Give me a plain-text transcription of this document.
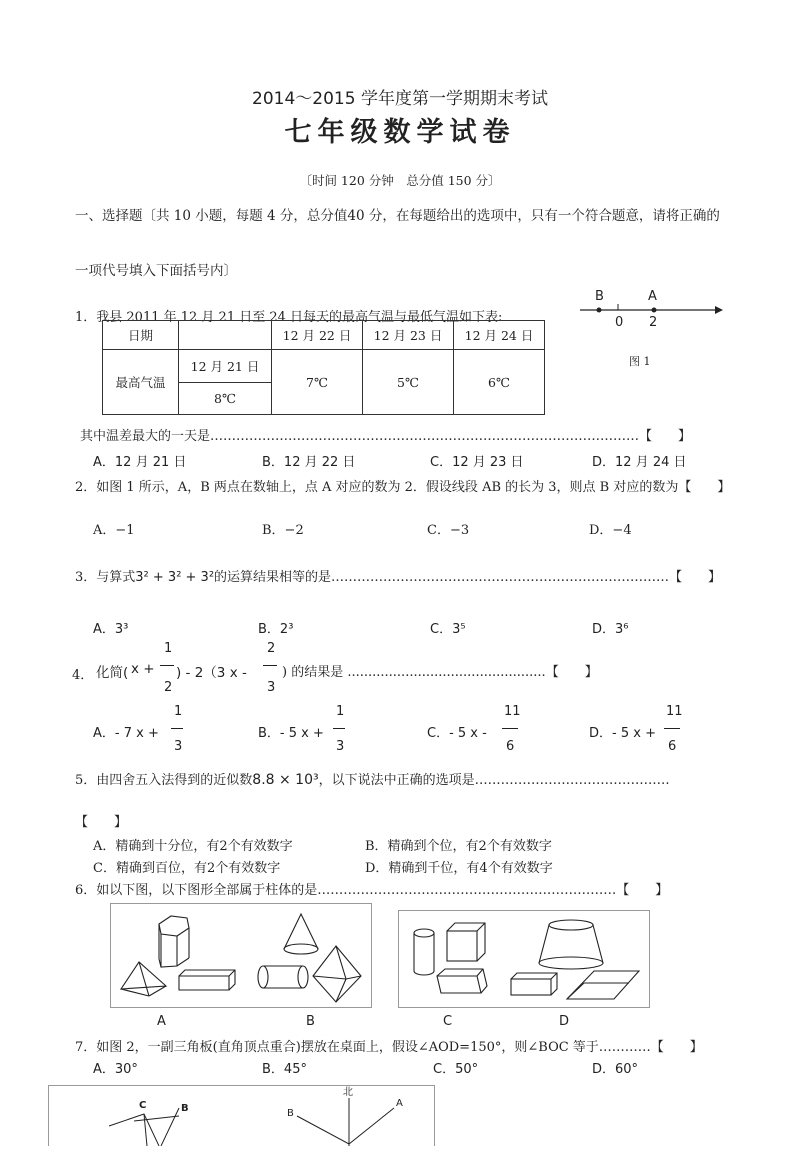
2014～2015 学年度第一学期期末考试
七年级数学试卷
〔时间 120 分钟　总分值 150 分〕
一、选择题〔共 10 小题，每题 4 分，总分值40 分，在每题给出的选项中，只有一个符合题意，请将正确的
一项代号填入下面括号内〕
B	A
0 2
图 1
1．我县 2011 年 12 月 21 日至 24 日每天的最高气温与最低气温如下表:
日期		12 月 22 日	12 月 23 日	12 月 24 日
最高气温	12 月 21 日	7℃	5℃	6℃
	8℃			
其中温差最大的一天是………………………………………………………………………………………【　　】
A．12 月 21 日	B．12 月 22 日	C．12 月 23 日	D．12 月 24 日
2．如图 1 所示，A，B 两点在数轴上，点 A 对应的数为 2．假设线段 AB 的长为 3，则点 B 对应的数为【　　】
A．−1	B．−2	C．−3	D．−4
3．与算式3² + 3² + 3²的运算结果相等的是……………………………………………………………………【　　】
A．3³	B．2³	C．3⁵	D．3⁶
4． 化简( x +
1
2
) - 2（3 x -
2
3
) 的结果是 ................................................【　　】
A．- 7 x +
1
3
B．- 5 x +
1
3
C．- 5 x -
11
6
D．- 5 x +
11
6
5．由四舍五入法得到的近似数8.8 × 10³，以下说法中正确的选项是………………………………………
【　　】
A．精确到十分位，有2个有效数字	B．精确到个位，有2个有效数字
C．精确到百位，有2个有效数字	D．精确到千位，有4个有效数字
6．如以下图，以下图形全部属于柱体的是……………………………………………………………【　　】
A	B	C	D
7．如图 2，一副三角板(直角顶点重合)摆放在桌面上，假设∠AOD=150°，则∠BOC 等于…………【　　】
A．30°	B．45°	C．50°	D．60°
C	B
北
B
A
